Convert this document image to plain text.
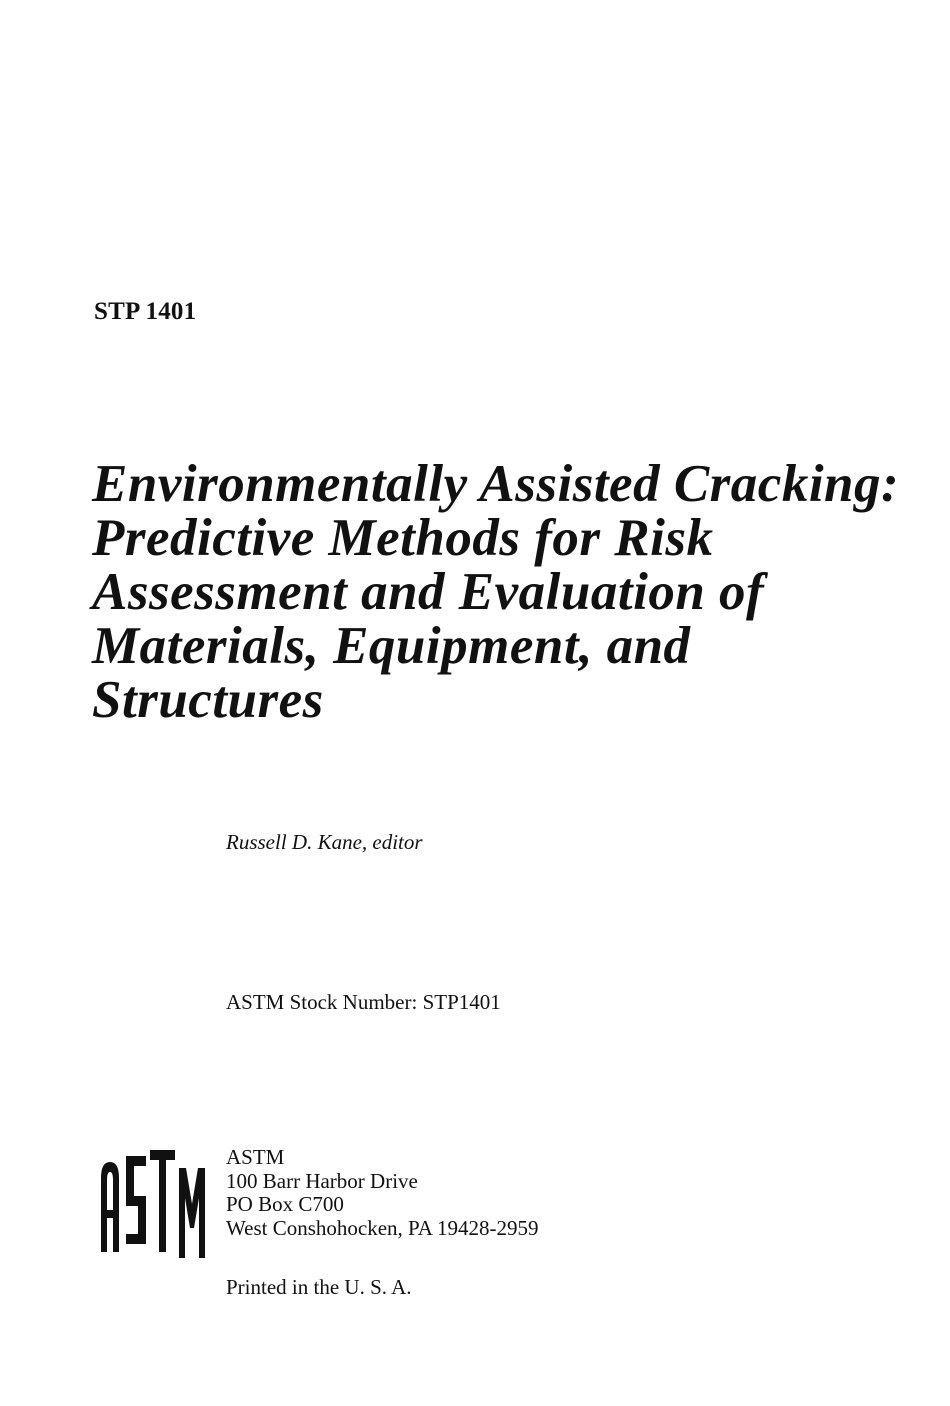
STP 1401
Environmentally Assisted Cracking:
Predictive Methods for Risk
Assessment and Evaluation of
Materials, Equipment, and
Structures
Russell D. Kane, editor
ASTM Stock Number: STP1401
ASTM
100 Barr Harbor Drive
PO Box C700
West Conshohocken, PA 19428-2959
Printed in the U. S. A.
